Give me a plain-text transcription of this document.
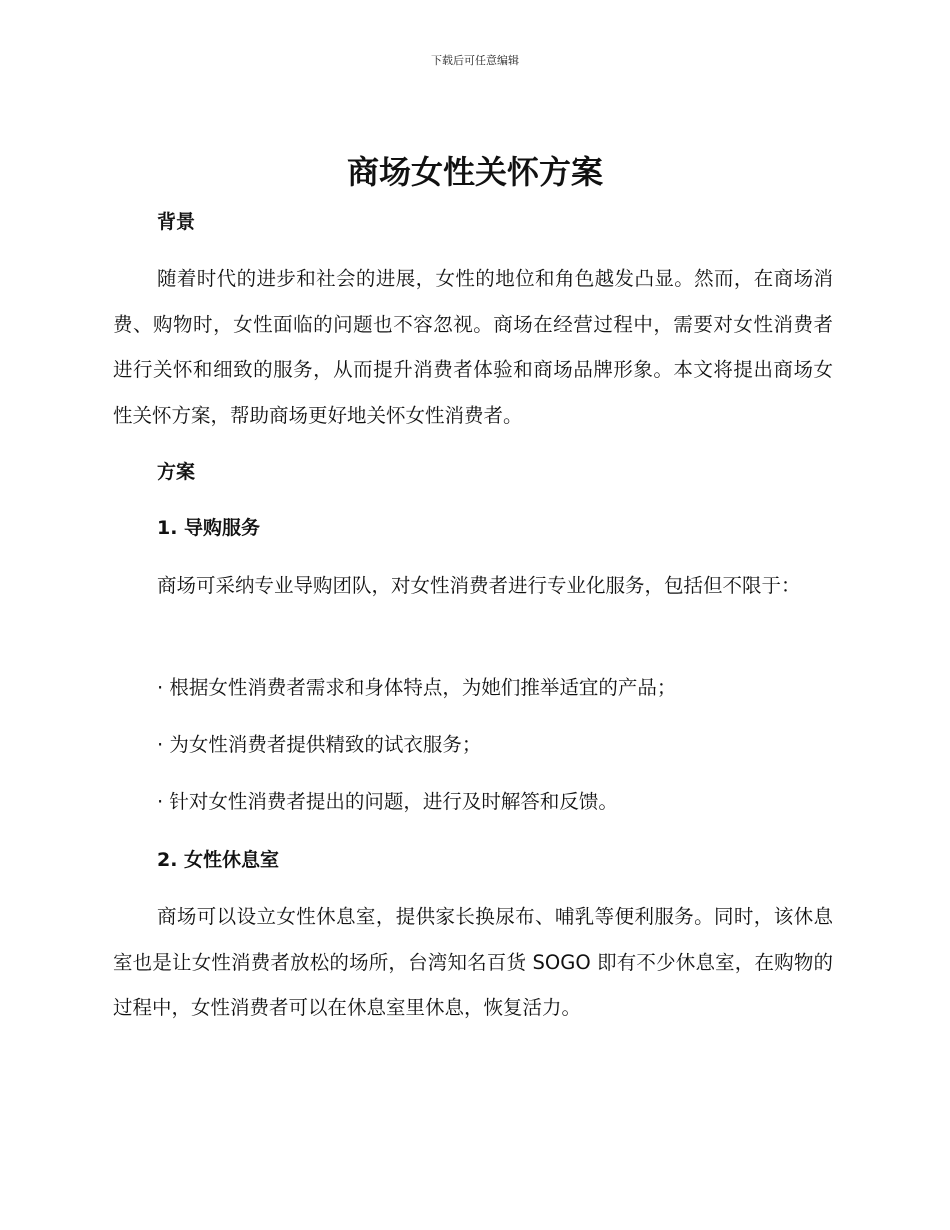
下载后可任意编辑
商场女性关怀方案
背景

随着时代的进步和社会的进展，女性的地位和角色越发凸显。然而，在商场消费、购物时，女性面临的问题也不容忽视。商场在经营过程中，需要对女性消费者进行关怀和细致的服务，从而提升消费者体验和商场品牌形象。本文将提出商场女性关怀方案，帮助商场更好地关怀女性消费者。

方案
1. 导购服务

商场可采纳专业导购团队，对女性消费者进行专业化服务，包括但不限于：

· 根据女性消费者需求和身体特点，为她们推举适宜的产品；

· 为女性消费者提供精致的试衣服务；

· 针对女性消费者提出的问题，进行及时解答和反馈。

2. 女性休息室

商场可以设立女性休息室，提供家长换尿布、哺乳等便利服务。同时，该休息室也是让女性消费者放松的场所，台湾知名百货 SOGO 即有不少休息室，在购物的过程中，女性消费者可以在休息室里休息，恢复活力。
